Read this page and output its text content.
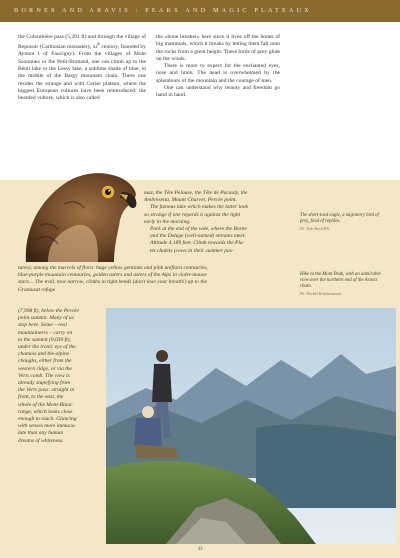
BORNES AND ARAVIS : PEAKS AND MAGIC PLATEAUX

the Colombière pass (5,291 ft) and through the village of Reposoir (Carthusian monastery, $xi^{th}$ century, founded by Aymon I of Faucigny). From the villages of Mont Saxonnex or the Petit-Bornand, one can climb up to the Bénit lake or the Lessy lake, a sublime shade of blue, in the middle of the Bargy mountain chain. There one resides the strange and wild Cerise plateau, where the biggest European vultures have been reintroduced: the bearded vulture, which is also called

the «bone breaker» here since it lives off the bones of big mammals, which it breaks by letting them fall onto the rocks from a great height. These birds of prey glide on the winds.

There is more to expect for the enchanted eyes, nose and brain. The head is overwhelmed by the splendours of the mountain and the courage of men.

One can understand why beauty and freedom go hand in hand.

maz, the Tête Pelouse, the Tête de Pacaaly, the
Ambresetta, Mount Charvet, Percée point.
The famous lake which makes the latter look
so strange if one regards it against the light
early in the morning.
Park at the end of the vale, where the Borne
and the Deluge (well-named) streams meet.
Altitude 4,189 feet. Climb towards the Pla-
tet chalets (cows in their summer pas-
tures), among the marvels of flora: huge yellow gentians and pink uniflora centauries,
blue-purple mountain centauries, golden asters and asters of the Alps in violet-mauve
stars… The trail, now narrow, climbs in tight bends (don't lose your breath!) up to the
Gramusat refuge
(7,998 ft), below the Percée
point summit. Many of us
stop here. Some – real
mountaineers – carry on
to the summit (9,030 ft),
under the ironic eye of the
chamois and the alpine
choughs, either from the
western ridge, or via the
Verts comb. The view is
already stupefying from
the Verts pass: straight in
front, to the east, the
whole of the Mont-Blanc
range, which looks close
enough to touch. Glancing
with senses more immacu-
late than any human
dreams of whiteness.
The short-toed eagle, a migratory bird of prey, fond of reptiles.
Ph. Tom Bach/BN
Hike to the Mont Peak, with an admirable view over the northern end of the Aravis chain.
Ph. Michel Brimbermonk
43
